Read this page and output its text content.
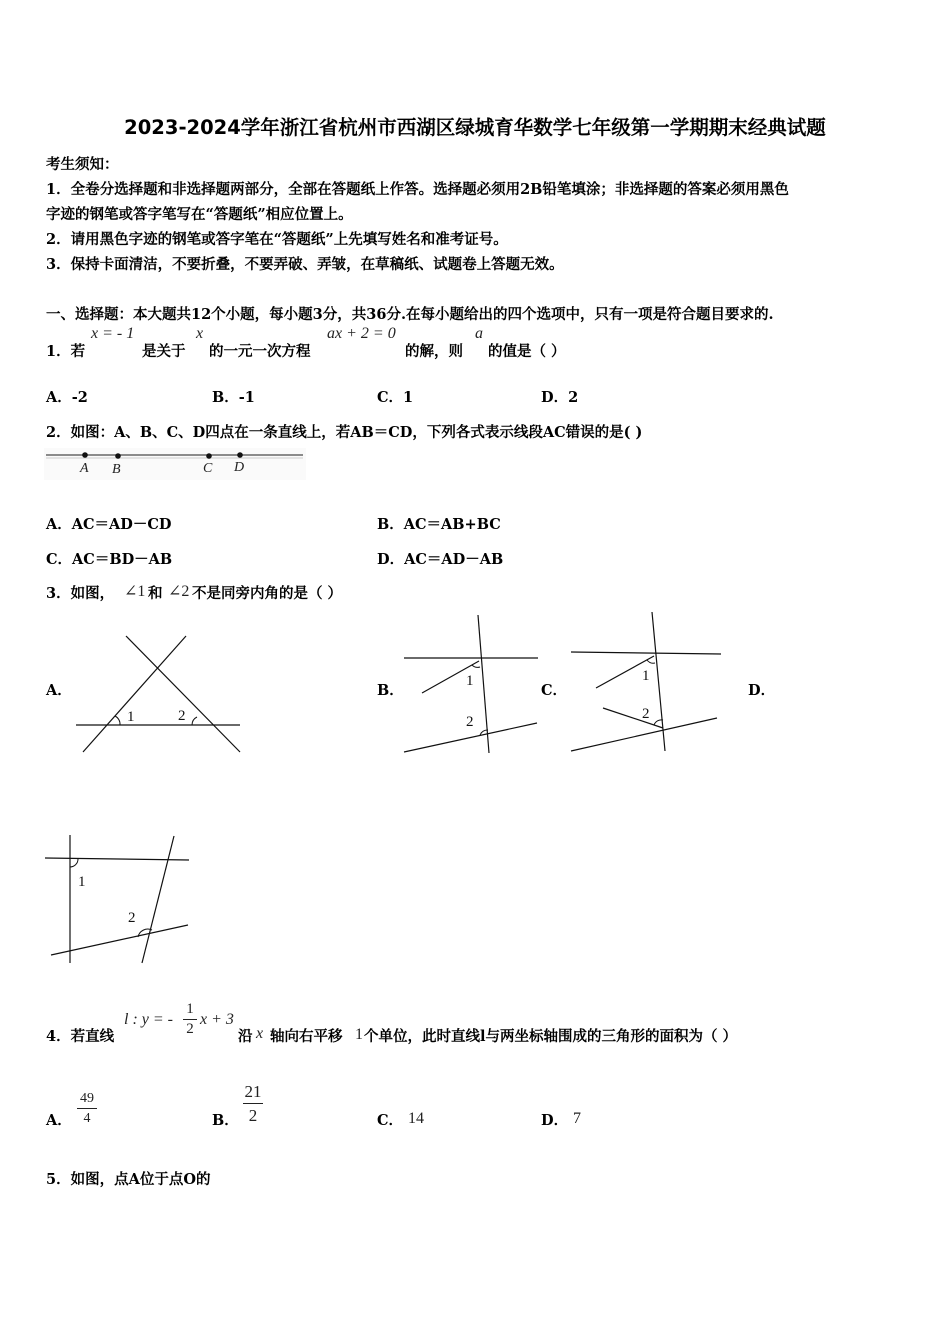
2023-2024学年浙江省杭州市西湖区绿城育华数学七年级第一学期期末经典试题
考生须知：
1．全卷分选择题和非选择题两部分，全部在答题纸上作答。选择题必须用2B铅笔填涂；非选择题的答案必须用黑色
字迹的钢笔或答字笔写在“答题纸”相应位置上。
2．请用黑色字迹的钢笔或答字笔在“答题纸”上先填写姓名和准考证号。
3．保持卡面清洁，不要折叠，不要弄破、弄皱，在草稿纸、试题卷上答题无效。
一、选择题：本大题共12个小题，每小题3分，共36分.在每小题给出的四个选项中，只有一项是符合题目要求的.
1．若
x = - 1
是关于
x
的一元一次方程
ax + 2 = 0
的解，则
a
的值是（ ）
A．-2	B．-1	C．1	D．2
2．如图：A、B、C、D四点在一条直线上，若AB＝CD，下列各式表示线段AC错误的是( )
A B	C D
A．AC＝AD－CD	B．AC＝AB+BC
C．AC＝BD－AB	D．AC＝AD－AB
3．如图， ∠1 和 ∠2 不是同旁内角的是（ ）
A．
1	2
B．
1
2
C．
1
2
D．
1
2
4．若直线
l : y = - $\frac{1}{2}$ x + 3
沿 x 轴向右平移 1 个单位，此时直线l与两坐标轴围成的三角形的面积为（ ）
A． $\frac{49}{4}$	B． $\frac{21}{2}$	C． 14	D． 7
5．如图，点A位于点O的
